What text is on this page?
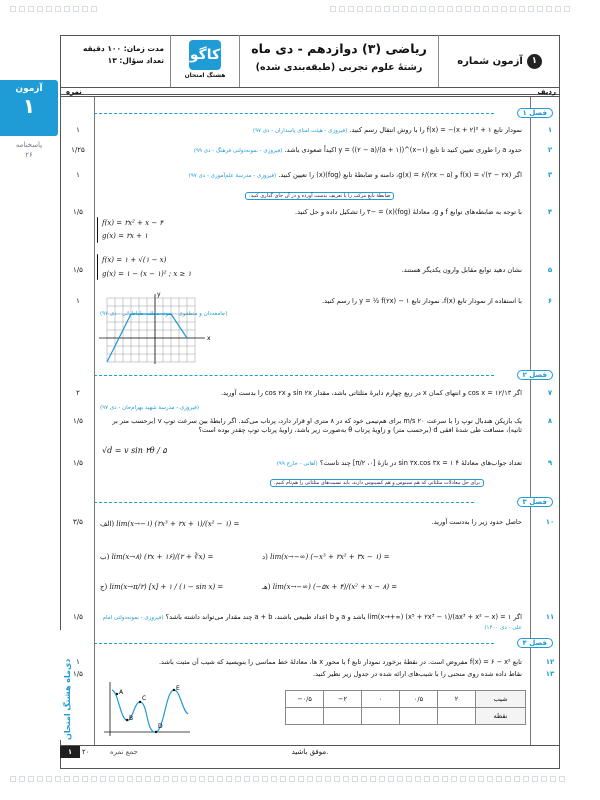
آزمون
۱
پاسخنامه
۲۶
آزمون شماره ۱
ریاضی (۳) دوازدهم - دی ماه
رشتهٔ علوم تجربی (طبقه‌بندی شده)
کاگو
هشتگ امتحان
مدت زمان: ۱۰۰ دقیقه
تعداد سؤال: ۱۳
ردیف
نمره
دی‌ماه هشتگ امتحان
فصل ۱
۱
۱	نمودار تابع f(x) = −(x + ۲)² + ۱ را با روش انتقال رسم کنید. (فیروزی - هیئت امنای پاسداران - دی ۹۷)
۲
۱/۲۵	حدود a را طوری تعیین کنید تا تابع y = ((۲ − a)/(a + ۱))^(x−۱) اکیداً صعودی باشد. (فیروزی - نمونه‌دولتی فرهنگ - دی ۹۹)
۳
۱	اگر f(x) = √(۳ − ۲x) و g(x) = ۶/(۲x − ۵)، دامنه و ضابطهٔ تابع (fog)(x) را تعیین کنید. (فیروزی - مدرسهٔ علم‌آموزی - دی ۹۷)
ضابطهٔ تابع مرکب را با تعریف بدست آورده و در آن جای گذاری کنید.
۴
۱/۵	با توجه به ضابطه‌های توابع f و g، معادلهٔ (fog)(x) = −۳ را تشکیل داده و حل کنید.
f(x) = ۲x² + x − ۴
g(x) = ۲x + ۱
f(x) = ۱ + √(۱ − x)
۵
۱/۵	نشان دهید توابع مقابل وارون یکدیگر هستند.
g(x) = ۱ − (x − ۱)² ; x ≥ ۱
۶
۱	با استفاده از نمودار تابع f(x)، نمودار تابع y = ½ f(۲x) − ۱ را رسم کنید.
(جامعه‌دان و منطقوی - نمونه مطلبه طباطبائی - دی ۹۷)
x
y
فصل ۲
۷
۲	اگر cos x = ۱۲/۱۳ و انتهای کمان x در ربع چهارم دایرهٔ مثلثاتی باشد، مقدار sin ۲x و cos ۲x را بدست آورید.
(فیروزی - مدرسهٔ شهید بهرام‌خان - دی ۹۷)
۸
۱/۵	یک بازیکن هندبال توپ را با سرعت ۲۰ m/s برای هم‌تیمی خود که در ۸ متری او قرار دارد، پرتاب می‌کند. اگر رابطهٔ بین سرعت توپ v (برحسب متر بر ثانیه)، مسافت طی شدهٔ افقی d (برحسب متر) و زاویهٔ پرتاب θ به‌صورت زیر باشد، زاویهٔ پرتاب توپ چقدر بوده است؟
√d = v sin ۲θ / ۵
۹
۱/۵	تعداد جواب‌های معادلهٔ ۴ sin ۳x.cos ۳x = ۱ در بازهٔ [۰، π/۲] چند تاست؟ (آهانی - خارج ۹۹)
برای حل معادلات مثلثاتی که هم سینوس و هم کسینوس دارند، باید نسبت‌های مثلثاتی را هم‌نام کنیم.
فصل ۳
۱۰
۳/۵	حاصل حدود زیر را به‌دست آورید.
الف) lim(x→−۱) (۲x³ + ۲x + ۱)/(x² − ۱) =
ب) lim(x→۸) (۲x + ۱۶)/(۲ + ∛x) =
ج) lim(x→π/۲) [x] + ۱ / (۱ − sin x) =
د) lim(x→−∞) (−x³ + ۲x² + ۳x − ۱) =
هـ) lim(x→−∞) (−۵x + ۴)/(x² + x − ۸) =
۱۱
۱/۵	اگر lim(x→+∞) (x⁵ + ۲x³ − ۱)/(ax³ + x² − x) = ۱ باشد و a و b اعداد طبیعی باشند، a + b چند مقدار می‌تواند داشته باشد؟ (فیروزی - نمونه‌دولتی امام علی - دی ۱۴۰۰)
فصل ۴
۱۲
۱	تابع f(x) = ۶ − x² مفروض است. در نقطهٔ برخورد نمودار تابع f با محور x ها، معادلهٔ خط مماسی را بنویسید که شیب آن مثبت باشد.
۱۳
۱/۵	نقاط داده شده روی منحنی را با شیب‌های ارائه شده در جدول زیر نظیر کنید.
A
B
C
D
E
−۰/۵	−۲	۰	۰/۵	۲	شیب
					نقطه
۱	۲۰	جمع نمره	موفق باشید.
